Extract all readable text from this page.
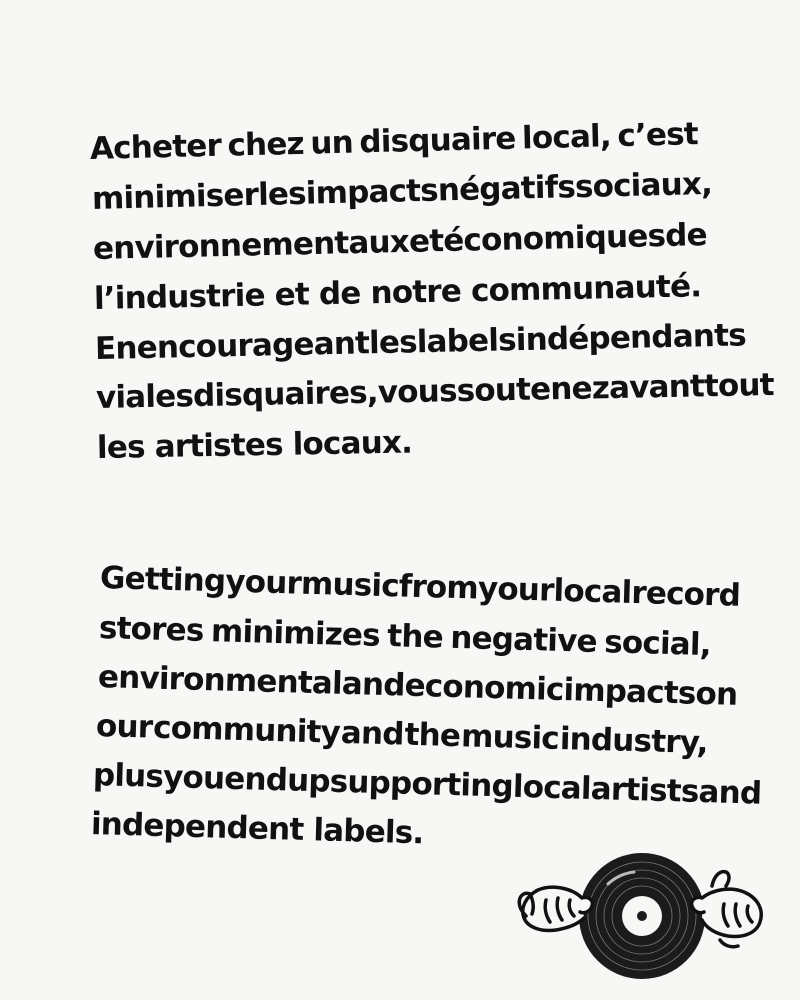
Acheter chez un disquaire local, c’est
minimiser les impacts négatifs sociaux,
environnementaux et économiques de
l’industrie et de notre communauté.
En encourageant les labels indépendants
via les disquaires, vous soutenez avant tout
les artistes locaux.
Getting
your
music
from
your
local
record
stores minimizes the negative social,
environmental
and
economic
impacts
on
our community and the music industry,
plus
you
end
up
supporting
local
artists
and
independent labels.
